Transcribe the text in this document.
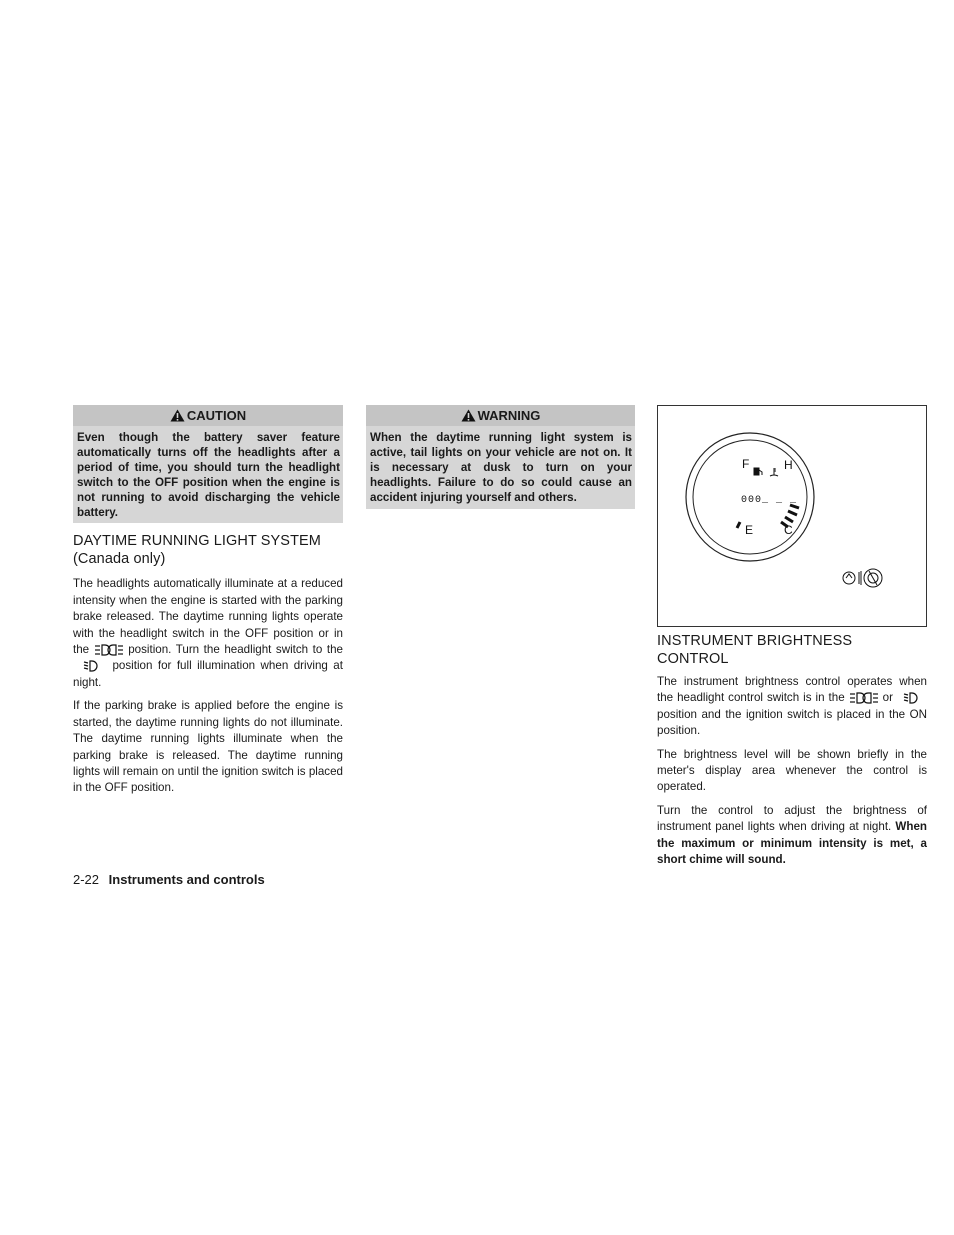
CAUTION
Even though the battery saver feature automatically turns off the headlights after a period of time, you should turn the headlight switch to the OFF position when the engine is not running to avoid discharging the vehicle battery.
DAYTIME RUNNING LIGHT SYSTEM
(Canada only)

The headlights automatically illuminate at a reduced intensity when the engine is started with the parking brake released. The daytime running lights operate with the headlight switch in the OFF position or in the	position. Turn the headlight switch to the  position for full illumination when driving at night.

If the parking brake is applied before the engine is started, the daytime running lights do not illuminate. The daytime running lights illuminate when the parking brake is released. The daytime running lights will remain on until the ignition switch is placed in the OFF position.

WARNING
When the daytime running light system is active, tail lights on your vehicle are not on. It is necessary at dusk to turn on your headlights. Failure to do so could cause an accident injuring yourself and others.
F
E
H
C
000_ _ _
INSTRUMENT BRIGHTNESS
CONTROL

The instrument brightness control operates when the headlight control switch is in the	or  position and the ignition switch is placed in the ON position.

The brightness level will be shown briefly in the meter's display area whenever the control is operated.

Turn the control to adjust the brightness of instrument panel lights when driving at night. When the maximum or minimum intensity is met, a short chime will sound.

2-22 Instruments and controls
